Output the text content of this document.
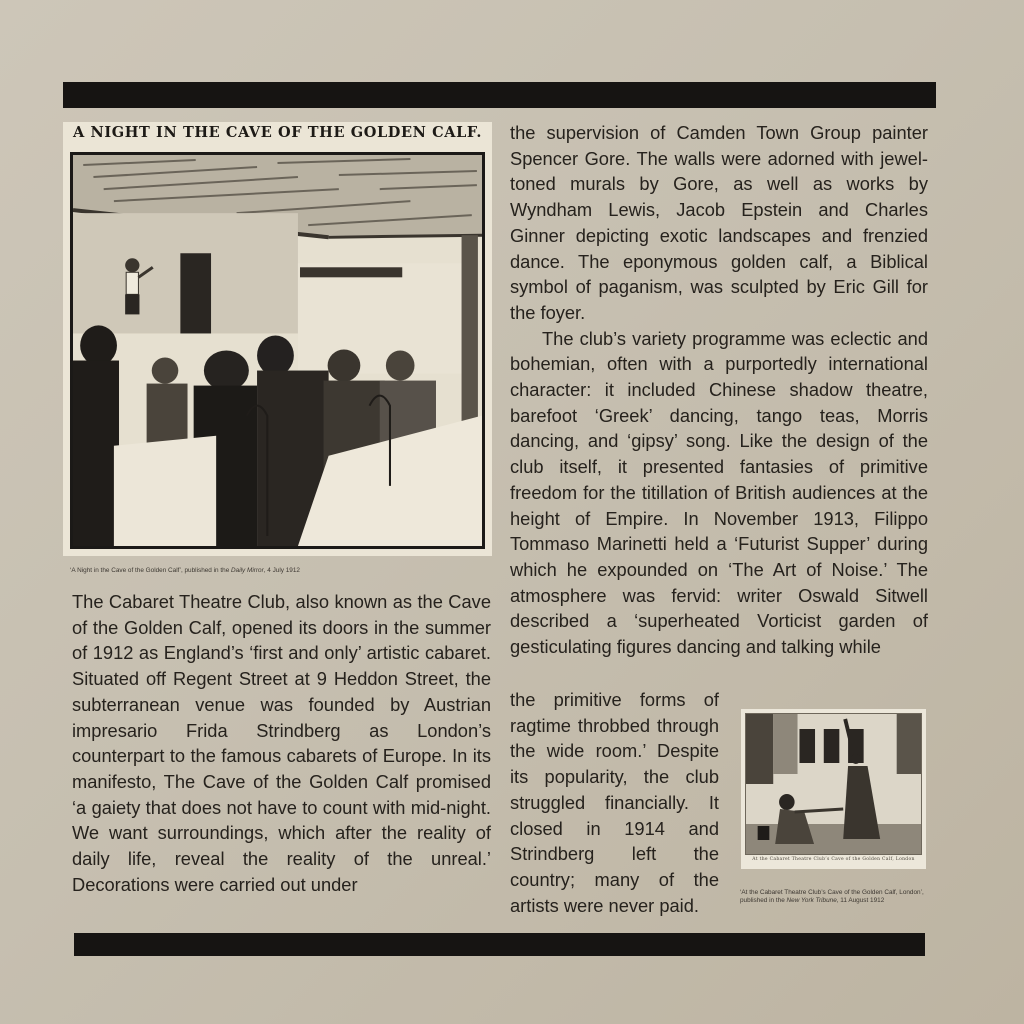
A NIGHT IN THE CAVE OF THE GOLDEN CALF.
‘A Night in the Cave of the Golden Calf’, published in the Daily Mirror, 4 July 1912

The Cabaret Theatre Club, also known as the Cave of the Golden Calf, opened its doors in the summer of 1912 as England’s ‘first and only’ artistic cabaret. Situated off Regent Street at 9 Heddon Street, the subterranean venue was founded by Austrian impresario Frida Strindberg as London’s counterpart to the famous cabarets of Europe. In its manifesto, The Cave of the Golden Calf promised ‘a gaiety that does not have to count with mid-night. We want surroundings, which after the reality of daily life, reveal the reality of the unreal.’ Decorations were carried out under

the supervision of Camden Town Group painter Spencer Gore. The walls were adorned with jewel-toned murals by Gore, as well as works by Wyndham Lewis, Jacob Epstein and Charles Ginner depicting exotic landscapes and frenzied dance. The eponymous golden calf, a Biblical symbol of paganism, was sculpted by Eric Gill for the foyer.

The club’s variety programme was eclectic and bohemian, often with a purportedly international character: it included Chinese shadow theatre, barefoot ‘Greek’ dancing, tango teas, Morris dancing, and ‘gipsy’ song. Like the design of the club itself, it presented fantasies of primitive freedom for the titillation of British audiences at the height of Empire. In November 1913, Filippo Tommaso Marinetti held a ‘Futurist Supper’ during which he expounded on ‘The Art of Noise.’ The atmosphere was fervid: writer Oswald Sitwell described a ‘superheated Vorticist garden of gesticulating figures dancing and talking while

the primitive forms of ragtime throbbed through the wide room.’ Despite its popularity, the club struggled financially. It closed in 1914 and Strindberg left the country; many of the artists were never paid.

At the Cabaret Theatre Club’s Cave of the Golden Calf, London
‘At the Cabaret Theatre Club’s Cave of the Golden Calf, London’, published in the New York Tribune, 11 August 1912
